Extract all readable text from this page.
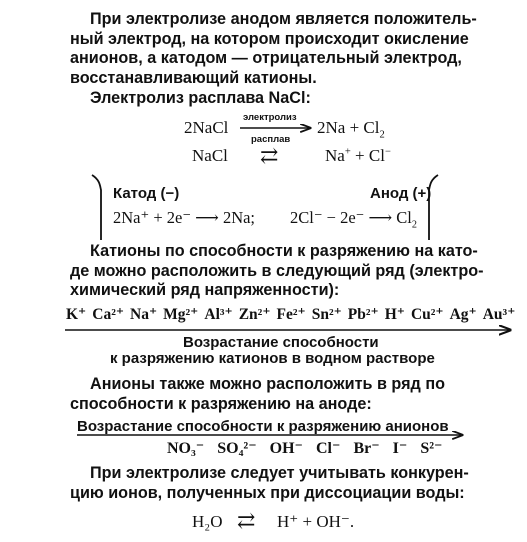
При электролизе анодом является положитель-
ный электрод, на котором происходит окисление
анионов, а катодом — отрицательный электрод,
восстанавливающий катионы.
Электролиз расплава NaCl:
2NaCl
электролиз
расплав
$2Na + Cl_2$
NaCl ⇄	Na+ + Cl−
Катод (−)	Анод (+)
2Na⁺ + 2e⁻ ⟶ 2Na; 2Cl⁻ − 2e⁻ ⟶ $Cl_2$
Катионы по способности к разряжению на като-
де можно расположить в следующий ряд (электро-
химический ряд напряженности):
K⁺ Ca²⁺ Na⁺ Mg²⁺ Al³⁺ Zn²⁺ Fe²⁺ Sn²⁺ Pb²⁺ H⁺ Cu²⁺ Ag⁺ Au³⁺
Возрастание способности
к разряжению катионов в водном растворе
Анионы также можно расположить в ряд по
способности к разряжению на аноде:
Возрастание способности к разряжению анионов
NO₃⁻ SO₄²⁻ OH⁻ Cl⁻ Br⁻ I⁻ S²⁻
При электролизе следует учитывать конкурен-
цию ионов, полученных при диссоциации воды:
H₂O ⇄ H⁺ + OH⁻.
